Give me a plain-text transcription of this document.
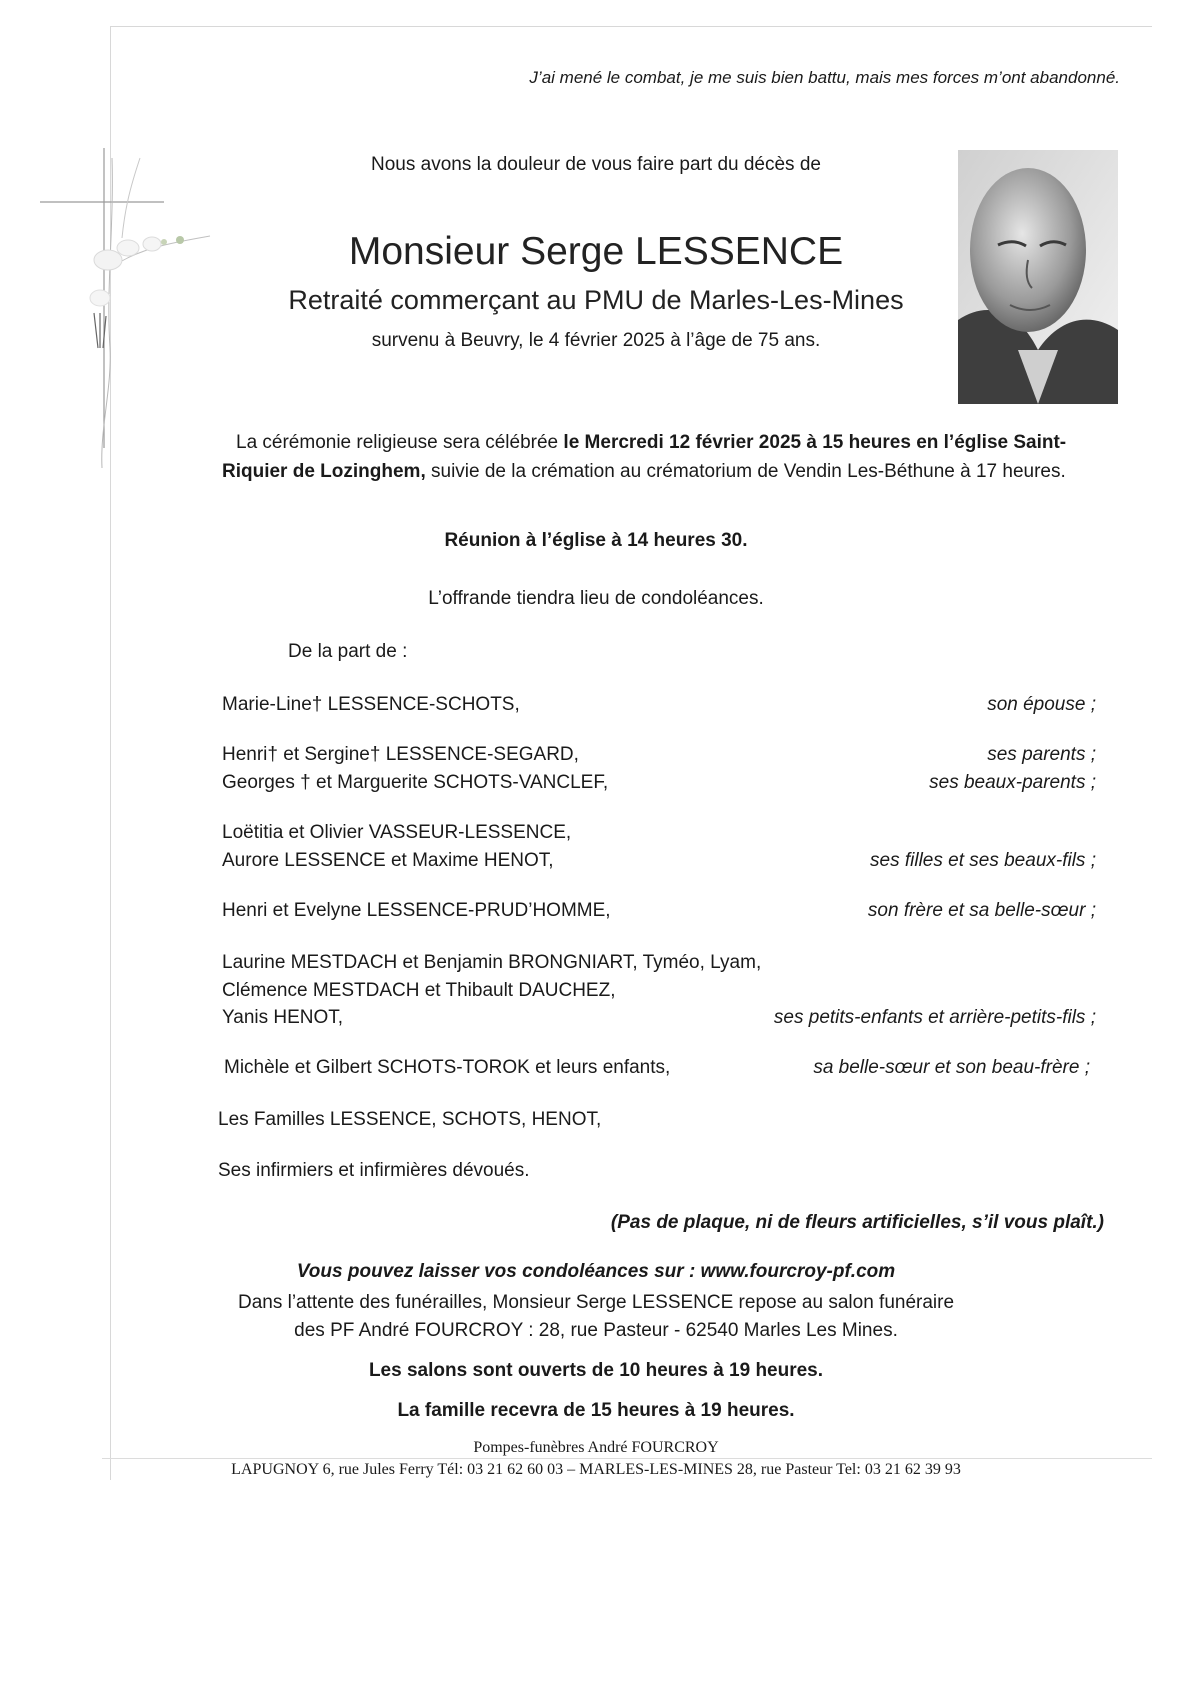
J’ai mené le combat, je me suis bien battu, mais mes forces m’ont abandonné.
Nous avons la douleur de vous faire part du décès de
Monsieur Serge LESSENCE
Retraité commerçant au PMU de Marles-Les-Mines
survenu à Beuvry, le 4 février 2025 à l’âge de 75 ans.
La cérémonie religieuse sera célébrée le Mercredi 12 février 2025 à 15 heures en l’église Saint-Riquier de Lozinghem, suivie de la crémation au crématorium de Vendin Les-Béthune à 17 heures.
Réunion à l’église à 14 heures 30.
L’offrande tiendra lieu de condoléances.
De la part de :
Marie-Line† LESSENCE-SCHOTS,	son épouse ;
Henri† et Sergine† LESSENCE-SEGARD,	ses parents ;
Georges † et Marguerite SCHOTS-VANCLEF,	ses beaux-parents ;
Loëtitia et Olivier VASSEUR-LESSENCE,
Aurore LESSENCE et Maxime HENOT,	ses filles et ses beaux-fils ;
Henri et Evelyne LESSENCE-PRUD’HOMME,	son frère et sa belle-sœur ;
Laurine MESTDACH et Benjamin BRONGNIART, Tyméo, Lyam,
Clémence MESTDACH et Thibault DAUCHEZ,
Yanis HENOT,	ses petits-enfants et arrière-petits-fils ;
Michèle et Gilbert SCHOTS-TOROK et leurs enfants,	sa belle-sœur et son beau-frère ;
Les Familles LESSENCE, SCHOTS, HENOT,
Ses infirmiers et infirmières dévoués.
(Pas de plaque, ni de fleurs artificielles, s’il vous plaît.)
Vous pouvez laisser vos condoléances sur : www.fourcroy-pf.com
Dans l’attente des funérailles, Monsieur Serge LESSENCE repose au salon funéraire
des PF André FOURCROY : 28, rue Pasteur - 62540 Marles Les Mines.
Les salons sont ouverts de 10 heures à 19 heures.
La famille recevra de 15 heures à 19 heures.
Pompes-funèbres André FOURCROY
LAPUGNOY 6, rue Jules Ferry Tél: 03 21 62 60 03 – MARLES-LES-MINES 28, rue Pasteur Tel: 03 21 62 39 93
